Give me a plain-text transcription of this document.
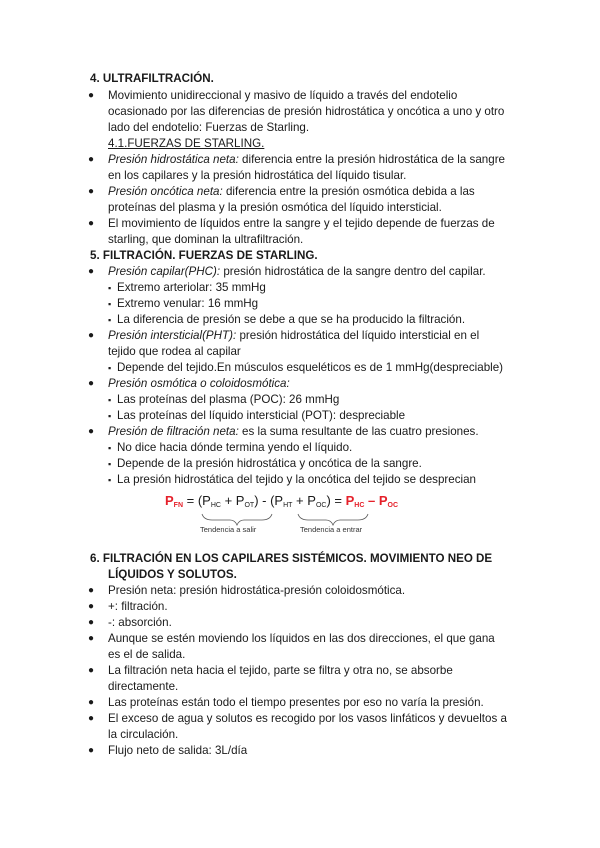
4. ULTRAFILTRACIÓN.
● Movimiento unidireccional y masivo de líquido a través del endotelio
ocasionado por las diferencias de presión hidrostática y oncótica a uno y otro
lado del endotelio: Fuerzas de Starling.
4.1.FUERZAS DE STARLING.
● Presión hidrostática neta: diferencia entre la presión hidrostática de la sangre
en los capilares y la presión hidrostática del líquido tisular.
● Presión oncótica neta: diferencia entre la presión osmótica debida a las
proteínas del plasma y la presión osmótica del líquido intersticial.
● El movimiento de líquidos entre la sangre y el tejido depende de fuerzas de
starling, que dominan la ultrafiltración.
5. FILTRACIÓN. FUERZAS DE STARLING.
● Presión capilar(PHC): presión hidrostática de la sangre dentro del capilar.
▪ Extremo arteriolar: 35 mmHg
▪ Extremo venular: 16 mmHg
▪ La diferencia de presión se debe a que se ha producido la filtración.
● Presión intersticial(PHT): presión hidrostática del líquido intersticial en el
tejido que rodea al capilar
▪ Depende del tejido.En músculos esqueléticos es de 1 mmHg(despreciable)
● Presión osmótica o coloidosmótica:
▪ Las proteínas del plasma (POC): 26 mmHg
▪ Las proteínas del líquido intersticial (POT): despreciable
● Presión de filtración neta: es la suma resultante de las cuatro presiones.
▪ No dice hacia dónde termina yendo el líquido.
▪ Depende de la presión hidrostática y oncótica de la sangre.
▪ La presión hidrostática del tejido y la oncótica del tejido se desprecian
PFN = (PHC + POT) - (PHT + POC) = PHC – POC
Tendencia a salir	Tendencia a entrar
6. FILTRACIÓN EN LOS CAPILARES SISTÉMICOS. MOVIMIENTO NEO DE
LÍQUIDOS Y SOLUTOS.
● Presión neta: presión hidrostática-presión coloidosmótica.
● +: filtración.
● -: absorción.
● Aunque se estén moviendo los líquidos en las dos direcciones, el que gana
es el de salida.
● La filtración neta hacia el tejido, parte se filtra y otra no, se absorbe
directamente.
● Las proteínas están todo el tiempo presentes por eso no varía la presión.
● El exceso de agua y solutos es recogido por los vasos linfáticos y devueltos a
la circulación.
● Flujo neto de salida: 3L/día
